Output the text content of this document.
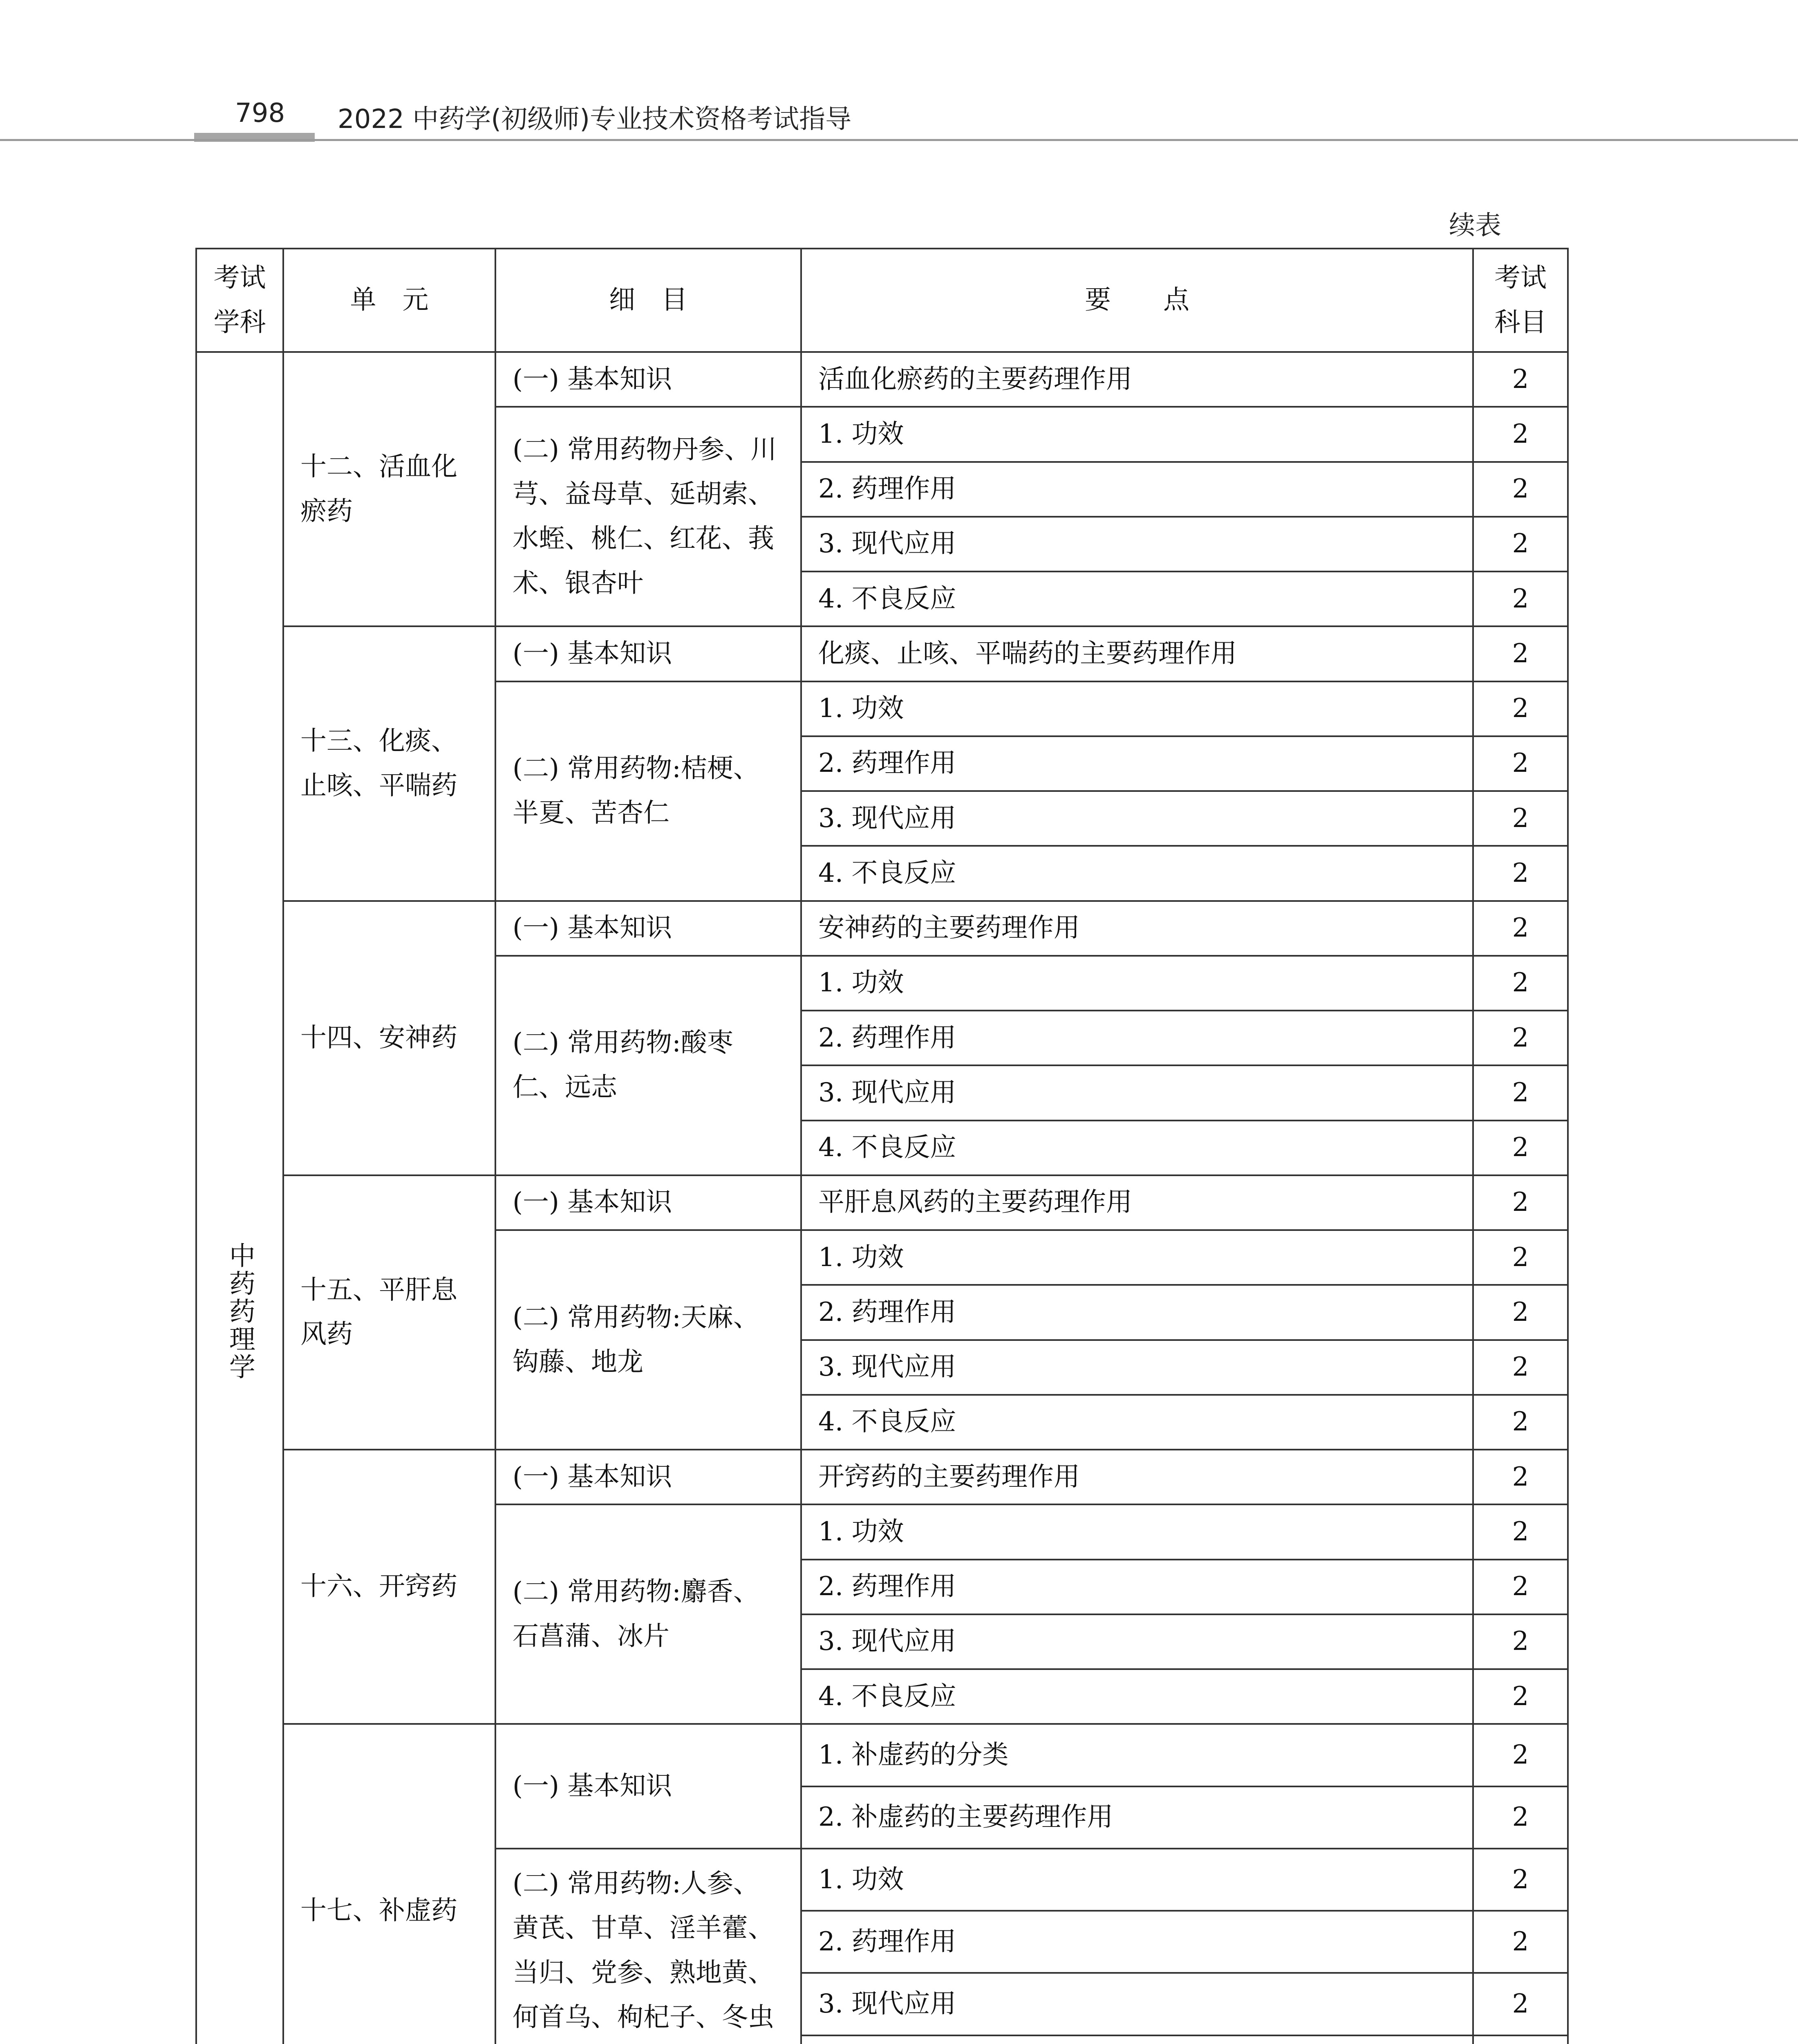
798 2022 中药学(初级师)专业技术资格考试指导
续表
考试学科	单　元	细　目	要　　点	考试科目
中药药理学	十二、活血化瘀药	(一) 基本知识	活血化瘀药的主要药理作用	2
		(二) 常用药物丹参、川芎、益母草、延胡索、水蛭、桃仁、红花、莪术、银杏叶	1. 功效	2
			2. 药理作用	2
			3. 现代应用	2
			4. 不良反应	2
	十三、化痰、止咳、平喘药	(一) 基本知识	化痰、止咳、平喘药的主要药理作用	2
		(二) 常用药物:桔梗、半夏、苦杏仁	1. 功效	2
			2. 药理作用	2
			3. 现代应用	2
			4. 不良反应	2
	十四、安神药	(一) 基本知识	安神药的主要药理作用	2
		(二) 常用药物:酸枣仁、远志	1. 功效	2
			2. 药理作用	2
			3. 现代应用	2
			4. 不良反应	2
	十五、平肝息风药	(一) 基本知识	平肝息风药的主要药理作用	2
		(二) 常用药物:天麻、钩藤、地龙	1. 功效	2
			2. 药理作用	2
			3. 现代应用	2
			4. 不良反应	2
	十六、开窍药	(一) 基本知识	开窍药的主要药理作用	2
		(二) 常用药物:麝香、石菖蒲、冰片	1. 功效	2
			2. 药理作用	2
			3. 现代应用	2
			4. 不良反应	2
	十七、补虚药	(一) 基本知识	1. 补虚药的分类	2
			2. 补虚药的主要药理作用	2
		(二) 常用药物:人参、黄芪、甘草、淫羊藿、当归、党参、熟地黄、何首乌、枸杞子、冬虫	1. 功效	2
			2. 药理作用	2
			3. 现代应用	2
